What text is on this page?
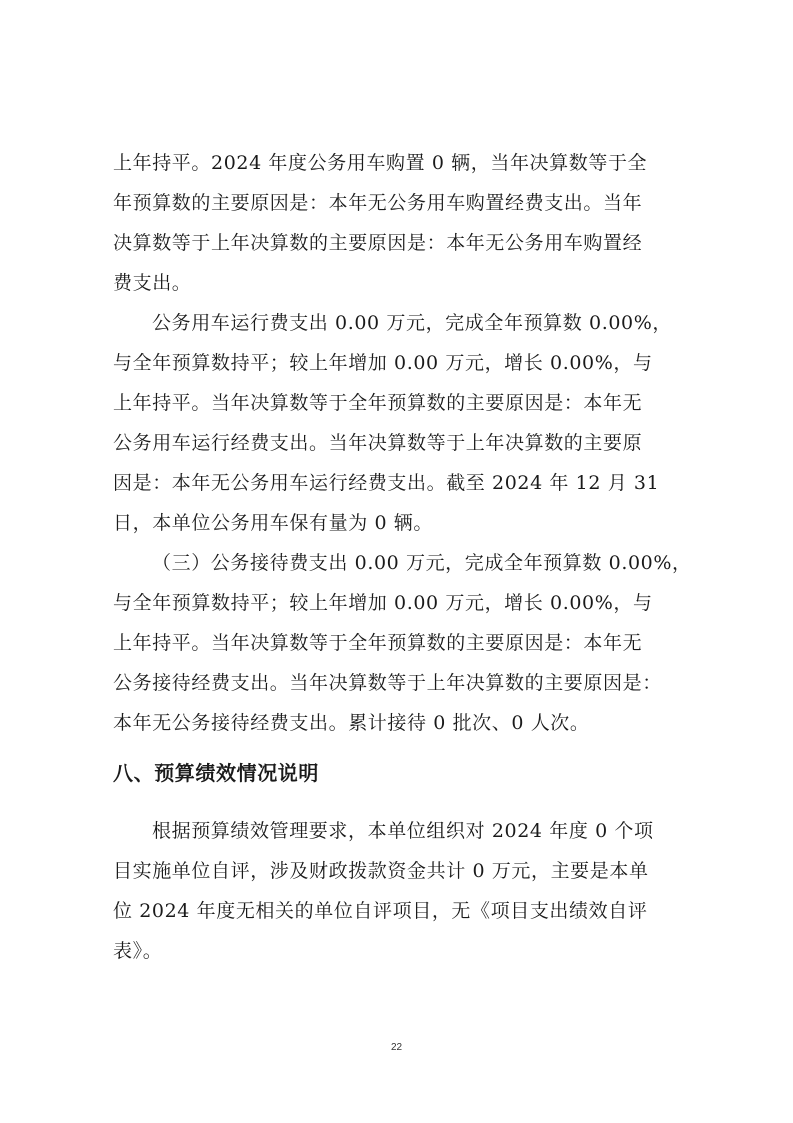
上年持平。2024 年度公务用车购置 0 辆，当年决算数等于全
年预算数的主要原因是：本年无公务用车购置经费支出。当年
决算数等于上年决算数的主要原因是：本年无公务用车购置经
费支出。
公务用车运行费支出 0.00 万元，完成全年预算数 0.00%，
与全年预算数持平；较上年增加 0.00 万元，增长 0.00%，与
上年持平。当年决算数等于全年预算数的主要原因是：本年无
公务用车运行经费支出。当年决算数等于上年决算数的主要原
因是：本年无公务用车运行经费支出。截至 2024 年 12 月 31
日，本单位公务用车保有量为 0 辆。
（三）公务接待费支出 0.00 万元，完成全年预算数 0.00%，
与全年预算数持平；较上年增加 0.00 万元，增长 0.00%，与
上年持平。当年决算数等于全年预算数的主要原因是：本年无
公务接待经费支出。当年决算数等于上年决算数的主要原因是：
本年无公务接待经费支出。累计接待 0 批次、0 人次。
八、预算绩效情况说明
根据预算绩效管理要求，本单位组织对 2024 年度 0 个项
目实施单位自评，涉及财政拨款资金共计 0 万元，主要是本单
位 2024 年度无相关的单位自评项目，无《项目支出绩效自评
表》。
22
